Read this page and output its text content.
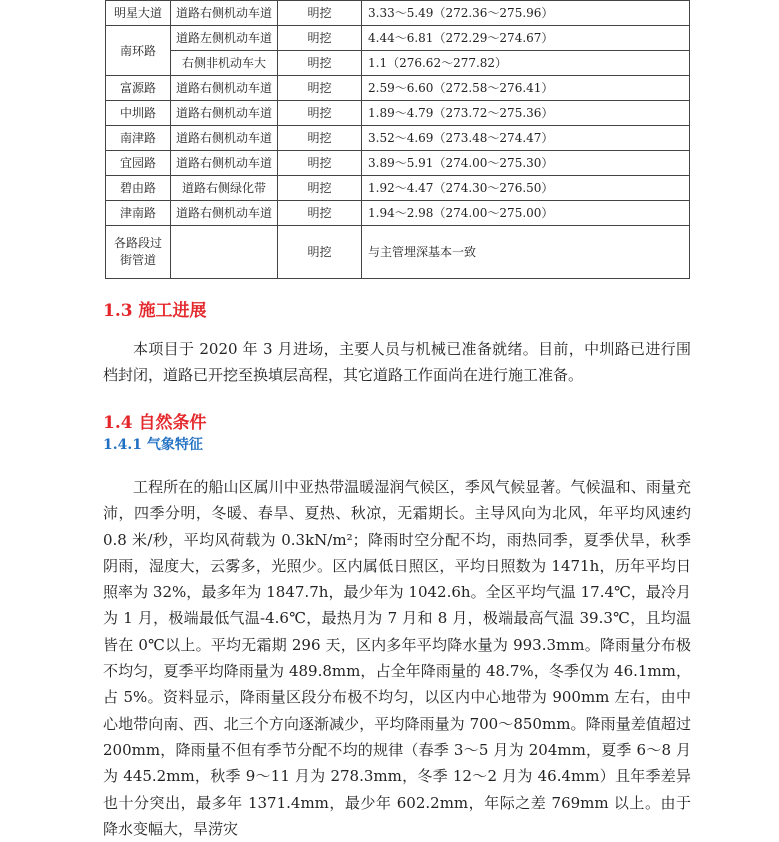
明星大道	道路右侧机动车道	明挖	3.33～5.49（272.36～275.96）
南环路	道路左侧机动车道	明挖	4.44～6.81（272.29～274.67）
	右侧非机动车大	明挖	1.1（276.62～277.82）
富源路	道路右侧机动车道	明挖	2.59～6.60（272.58～276.41）
中圳路	道路右侧机动车道	明挖	1.89～4.79（273.72～275.36）
南津路	道路右侧机动车道	明挖	3.52～4.69（273.48～274.47）
宜园路	道路右侧机动车道	明挖	3.89～5.91（274.00～275.30）
碧由路	道路右侧绿化带	明挖	1.92～4.47（274.30～276.50）
津南路	道路右侧机动车道	明挖	1.94～2.98（274.00～275.00）
各路段过街管道		明挖	与主管埋深基本一致
1.3 施工进展

本项目于 2020 年 3 月进场，主要人员与机械已准备就绪。目前，中圳路已进行围档封闭，道路已开挖至换填层高程，其它道路工作面尚在进行施工准备。

1.4 自然条件
1.4.1 气象特征

工程所在的船山区属川中亚热带温暖湿润气候区，季风气候显著。气候温和、雨量充沛，四季分明，冬暖、春旱、夏热、秋凉，无霜期长。主导风向为北风，年平均风速约 0.8 米/秒，平均风荷载为 0.3kN/m²；降雨时空分配不均，雨热同季，夏季伏旱，秋季阴雨，湿度大，云雾多，光照少。区内属低日照区，平均日照数为 1471h，历年平均日照率为 32%，最多年为 1847.7h，最少年为 1042.6h。全区平均气温 17.4℃，最冷月为 1 月，极端最低气温-4.6℃，最热月为 7 月和 8 月，极端最高气温 39.3℃，且均温皆在 0℃以上。平均无霜期 296 天，区内多年平均降水量为 993.3mm。降雨量分布极不均匀，夏季平均降雨量为 489.8mm，占全年降雨量的 48.7%，冬季仅为 46.1mm，占 5%。资料显示，降雨量区段分布极不均匀，以区内中心地带为 900mm 左右，由中心地带向南、西、北三个方向逐渐减少，平均降雨量为 700～850mm。降雨量差值超过 200mm，降雨量不但有季节分配不均的规律（春季 3～5 月为 204mm，夏季 6～8 月为 445.2mm，秋季 9～11 月为 278.3mm，冬季 12～2 月为 46.4mm）且年季差异也十分突出，最多年 1371.4mm，最少年 602.2mm，年际之差 769mm 以上。由于降水变幅大，旱涝灾
